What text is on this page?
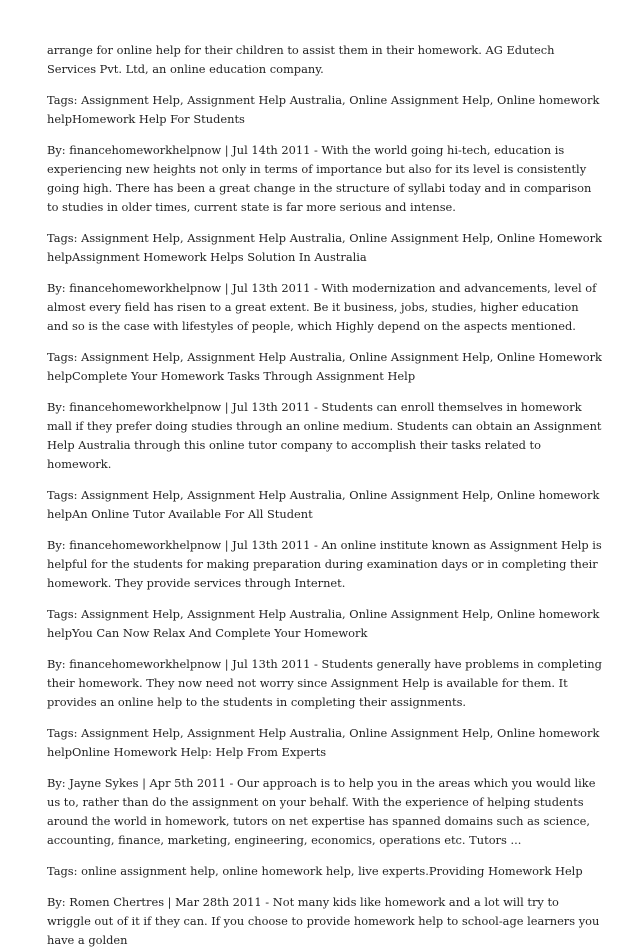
arrange for online help for their children to assist them in their homework. AG Edutech Services Pvt. Ltd, an online education company.

Tags: Assignment Help, Assignment Help Australia, Online Assignment Help, Online homework helpHomework Help For Students

By: financehomeworkhelpnow | Jul 14th 2011 - With the world going hi-tech, education is experiencing new heights not only in terms of importance but also for its level is consistently going high. There has been a great change in the structure of syllabi today and in comparison to studies in older times, current state is far more serious and intense.

Tags: Assignment Help, Assignment Help Australia, Online Assignment Help, Online Homework helpAssignment Homework Helps Solution In Australia

By: financehomeworkhelpnow | Jul 13th 2011 - With modernization and advancements, level of almost every field has risen to a great extent. Be it business, jobs, studies, higher education and so is the case with lifestyles of people, which Highly depend on the aspects mentioned.

Tags: Assignment Help, Assignment Help Australia, Online Assignment Help, Online Homework helpComplete Your Homework Tasks Through Assignment Help

By: financehomeworkhelpnow | Jul 13th 2011 - Students can enroll themselves in homework mall if they prefer doing studies through an online medium. Students can obtain an Assignment Help Australia through this online tutor company to accomplish their tasks related to homework.

Tags: Assignment Help, Assignment Help Australia, Online Assignment Help, Online homework helpAn Online Tutor Available For All Student

By: financehomeworkhelpnow | Jul 13th 2011 - An online institute known as Assignment Help is helpful for the students for making preparation during examination days or in completing their homework. They provide services through Internet.

Tags: Assignment Help, Assignment Help Australia, Online Assignment Help, Online homework helpYou Can Now Relax And Complete Your Homework

By: financehomeworkhelpnow | Jul 13th 2011 - Students generally have problems in completing their homework. They now need not worry since Assignment Help is available for them. It provides an online help to the students in completing their assignments.

Tags: Assignment Help, Assignment Help Australia, Online Assignment Help, Online homework helpOnline Homework Help: Help From Experts

By: Jayne Sykes | Apr 5th 2011 - Our approach is to help you in the areas which you would like us to, rather than do the assignment on your behalf. With the experience of helping students around the world in homework, tutors on net expertise has spanned domains such as science, accounting, finance, marketing, engineering, economics, operations etc. Tutors ...

Tags: online assignment help, online homework help, live experts.Providing Homework Help

By: Romen Chertres | Mar 28th 2011 - Not many kids like homework and a lot will try to wriggle out of it if they can. If you choose to provide homework help to school-age learners you have a golden
